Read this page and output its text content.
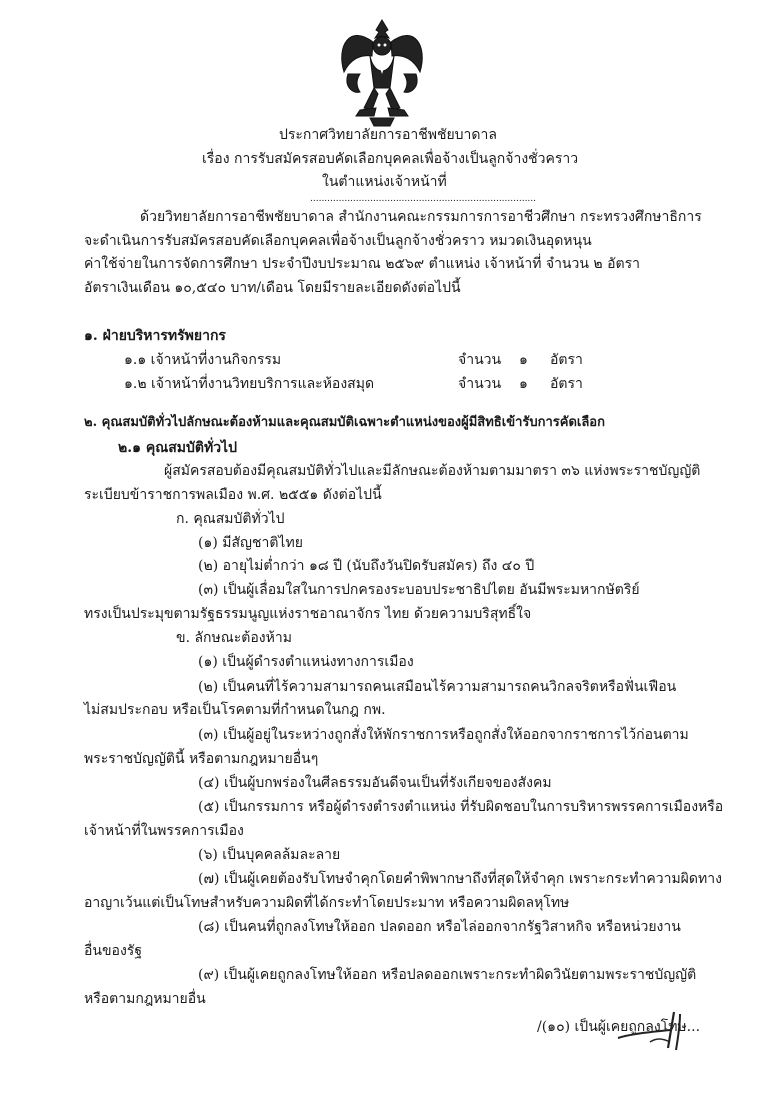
ประกาศวิทยาลัยการอาชีพชัยบาดาล
เรื่อง การรับสมัครสอบคัดเลือกบุคคลเพื่อจ้างเป็นลูกจ้างชั่วคราว
ในตำแหน่งเจ้าหน้าที่
...............................................................................
ด้วยวิทยาลัยการอาชีพชัยบาดาล สำนักงานคณะกรรมการการอาชีวศึกษา กระทรวงศึกษาธิการ
จะดำเนินการรับสมัครสอบคัดเลือกบุคคลเพื่อจ้างเป็นลูกจ้างชั่วคราว หมวดเงินอุดหนุน
ค่าใช้จ่ายในการจัดการศึกษา ประจำปีงบประมาณ ๒๕๖๙ ตำแหน่ง เจ้าหน้าที่ จำนวน ๒ อัตรา
อัตราเงินเดือน ๑๐,๕๔๐ บาท/เดือน โดยมีรายละเอียดดังต่อไปนี้
๑. ฝ่ายบริหารทรัพยากร
๑.๑ เจ้าหน้าที่งานกิจกรรม	จำนวน ๑ อัตรา
๑.๒ เจ้าหน้าที่งานวิทยบริการและห้องสมุด	จำนวน ๑ อัตรา
๒. คุณสมบัติทั่วไปลักษณะต้องห้ามและคุณสมบัติเฉพาะตำแหน่งของผู้มีสิทธิเข้ารับการคัดเลือก
๒.๑ คุณสมบัติทั่วไป
ผู้สมัครสอบต้องมีคุณสมบัติทั่วไปและมีลักษณะต้องห้ามตามมาตรา ๓๖ แห่งพระราชบัญญัติ
ระเบียบข้าราชการพลเมือง พ.ศ. ๒๕๕๑ ดังต่อไปนี้
ก. คุณสมบัติทั่วไป
(๑) มีสัญชาติไทย
(๒) อายุไม่ต่ำกว่า ๑๘ ปี (นับถึงวันปิดรับสมัคร) ถึง ๔๐ ปี
(๓) เป็นผู้เลื่อมใสในการปกครองระบอบประชาธิปไตย อันมีพระมหากษัตริย์
ทรงเป็นประมุขตามรัฐธรรมนูญแห่งราชอาณาจักร ไทย ด้วยความบริสุทธิ์ใจ
ข. ลักษณะต้องห้าม
(๑) เป็นผู้ดำรงตำแหน่งทางการเมือง
(๒) เป็นคนที่ไร้ความสามารถคนเสมือนไร้ความสามารถคนวิกลจริตหรือฟั่นเฟือน
ไม่สมประกอบ หรือเป็นโรคตามที่กำหนดในกฎ กพ.
(๓) เป็นผู้อยู่ในระหว่างถูกสั่งให้พักราชการหรือถูกสั่งให้ออกจากราชการไว้ก่อนตาม
พระราชบัญญัตินี้ หรือตามกฎหมายอื่นๆ
(๔) เป็นผู้บกพร่องในศีลธรรมอันดีจนเป็นที่รังเกียจของสังคม
(๕) เป็นกรรมการ หรือผู้ดำรงตำรงตำแหน่ง ที่รับผิดชอบในการบริหารพรรคการเมืองหรือ
เจ้าหน้าที่ในพรรคการเมือง
(๖) เป็นบุคคลล้มละลาย
(๗) เป็นผู้เคยต้องรับโทษจำคุกโดยคำพิพากษาถึงที่สุดให้จำคุก เพราะกระทำความผิดทาง
อาญาเว้นแต่เป็นโทษสำหรับความผิดที่ได้กระทำโดยประมาท หรือความผิดลหุโทษ
(๘) เป็นคนที่ถูกลงโทษให้ออก ปลดออก หรือไล่ออกจากรัฐวิสาหกิจ หรือหน่วยงาน
อื่นของรัฐ
(๙) เป็นผู้เคยถูกลงโทษให้ออก หรือปลดออกเพราะกระทำผิดวินัยตามพระราชบัญญัติ
หรือตามกฎหมายอื่น
/(๑๐) เป็นผู้เคยถูกลงโทษ...
